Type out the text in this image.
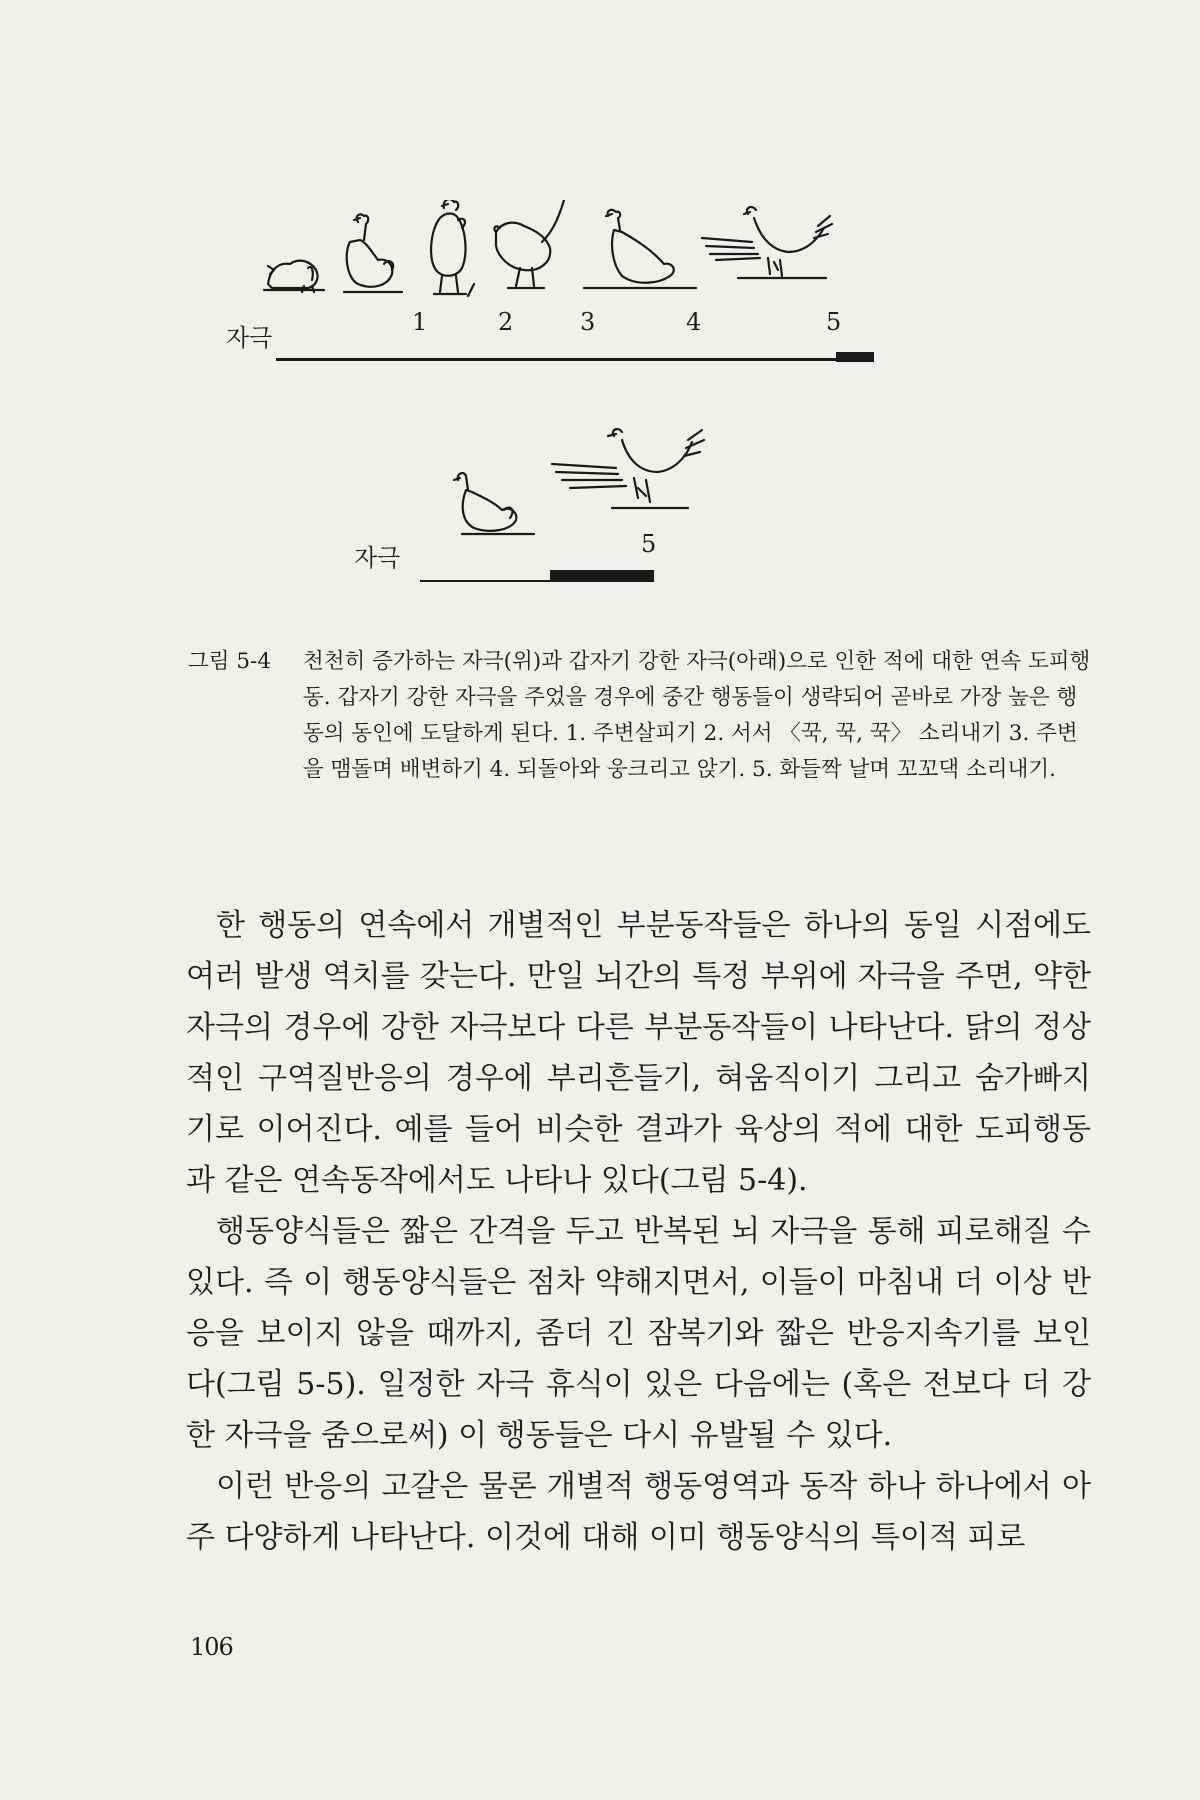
자극
1	2	3	4	5
자극	5
그림 5-4	천천히 증가하는 자극(위)과 갑자기 강한 자극(아래)으로 인한 적에 대한 연속 도피행동. 갑자기 강한 자극을 주었을 경우에 중간 행동들이 생략되어 곧바로 가장 높은 행동의 동인에 도달하게 된다. 1. 주변살피기 2. 서서 〈꾹, 꾹, 꾹〉 소리내기 3. 주변을 맴돌며 배변하기 4. 되돌아와 웅크리고 앉기. 5. 화들짝 날며 꼬꼬댁 소리내기.

한 행동의 연속에서 개별적인 부분동작들은 하나의 동일 시점에도 여러 발생 역치를 갖는다. 만일 뇌간의 특정 부위에 자극을 주면, 약한 자극의 경우에 강한 자극보다 다른 부분동작들이 나타난다. 닭의 정상적인 구역질반응의 경우에 부리흔들기, 혀움직이기 그리고 숨가빠지기로 이어진다. 예를 들어 비슷한 결과가 육상의 적에 대한 도피행동과 같은 연속동작에서도 나타나 있다(그림 5-4).

행동양식들은 짧은 간격을 두고 반복된 뇌 자극을 통해 피로해질 수 있다. 즉 이 행동양식들은 점차 약해지면서, 이들이 마침내 더 이상 반응을 보이지 않을 때까지, 좀더 긴 잠복기와 짧은 반응지속기를 보인다(그림 5-5). 일정한 자극 휴식이 있은 다음에는 (혹은 전보다 더 강한 자극을 줌으로써) 이 행동들은 다시 유발될 수 있다.

이런 반응의 고갈은 물론 개별적 행동영역과 동작 하나 하나에서 아주 다양하게 나타난다. 이것에 대해 이미 행동양식의 특이적 피로

106
